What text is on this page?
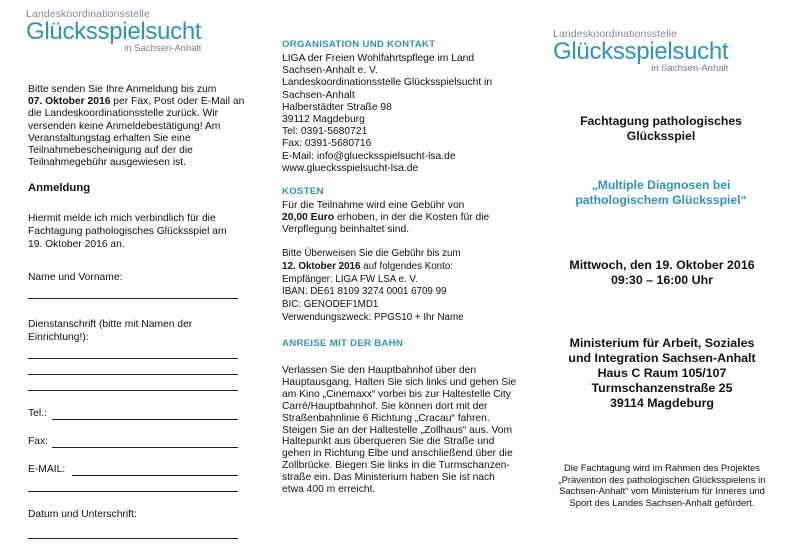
Landeskoordinationsstelle
Glücksspielsucht
in Sachsen-Anhalt
Bitte senden Sie Ihre Anmeldung bis zum
07. Oktober 2016 per Fax, Post oder E-Mail an die Landeskoordinationsstelle zurück. Wir versenden keine Anmeldebestätigung! Am Veranstaltungstag erhalten Sie eine Teilnahmebescheinigung auf der die Teilnahmegebühr ausgewiesen ist.
Anmeldung
Hiermit melde ich mich verbindlich für die Fachtagung pathologisches Glücksspiel am 19. Oktober 2016 an.
Name und Vorname:
Dienstanschrift (bitte mit Namen der Einrichtung!):
Tel.:
Fax:
E-MAIL:
Datum und Unterschrift:
ORGANISATION UND KONTAKT
LIGA der Freien Wohlfahrtspflege im Land
Sachsen-Anhalt e. V.
Landeskoordinationsstelle Glücksspielsucht in
Sachsen-Anhalt
Halberstädter Straße 98
39112 Magdeburg
Tel: 0391-5680721
Fax: 0391-5680716
E-Mail: info@gluecksspielsucht-lsa.de
www.gluecksspielsucht-lsa.de
KOSTEN
Für die Teilnahme wird eine Gebühr von
20,00 Euro erhoben, in der die Kosten für die Verpflegung beinhaltet sind.
Bitte Überweisen Sie die Gebühr bis zum
12. Oktober 2016 auf folgendes Konto:
Empfänger: LIGA FW LSA e. V.
IBAN: DE61 8109 3274 0001 6709 99
BIC: GENODEF1MD1
Verwendungszweck: PPGS10 + Ihr Name
ANREISE MIT DER BAHN
Verlassen Sie den Hauptbahnhof über den Hauptausgang. Halten Sie sich links und gehen Sie am Kino „Cinemaxx“ vorbei bis zur Haltestelle City Carré/Hauptbahnhof. Sie können dort mit der Straßenbahnlinie 6 Richtung „Cracau“ fahren. Steigen Sie an der Haltestelle „Zollhaus“ aus. Vom Haltepunkt aus überqueren Sie die Straße und gehen in Richtung Elbe und anschließend über die Zollbrücke. Biegen Sie links in die Turmschanzen-straße ein. Das Ministerium haben Sie ist nach etwa 400 m erreicht.
Landeskoordinationsstelle
Glücksspielsucht
in Sachsen-Anhalt
Fachtagung pathologisches Glücksspiel
„Multiple Diagnosen bei pathologischem Glücksspiel“
Mittwoch, den 19. Oktober 2016
09:30 – 16:00 Uhr
Ministerium für Arbeit, Soziales
und Integration Sachsen-Anhalt
Haus C Raum 105/107
Turmschanzenstraße 25
39114 Magdeburg
Die Fachtagung wird im Rahmen des Projektes „Prävention des pathologischen Glücksspielens in Sachsen-Anhalt“ vom Ministerium für Inneres und Sport des Landes Sachsen-Anhalt gefördert.
